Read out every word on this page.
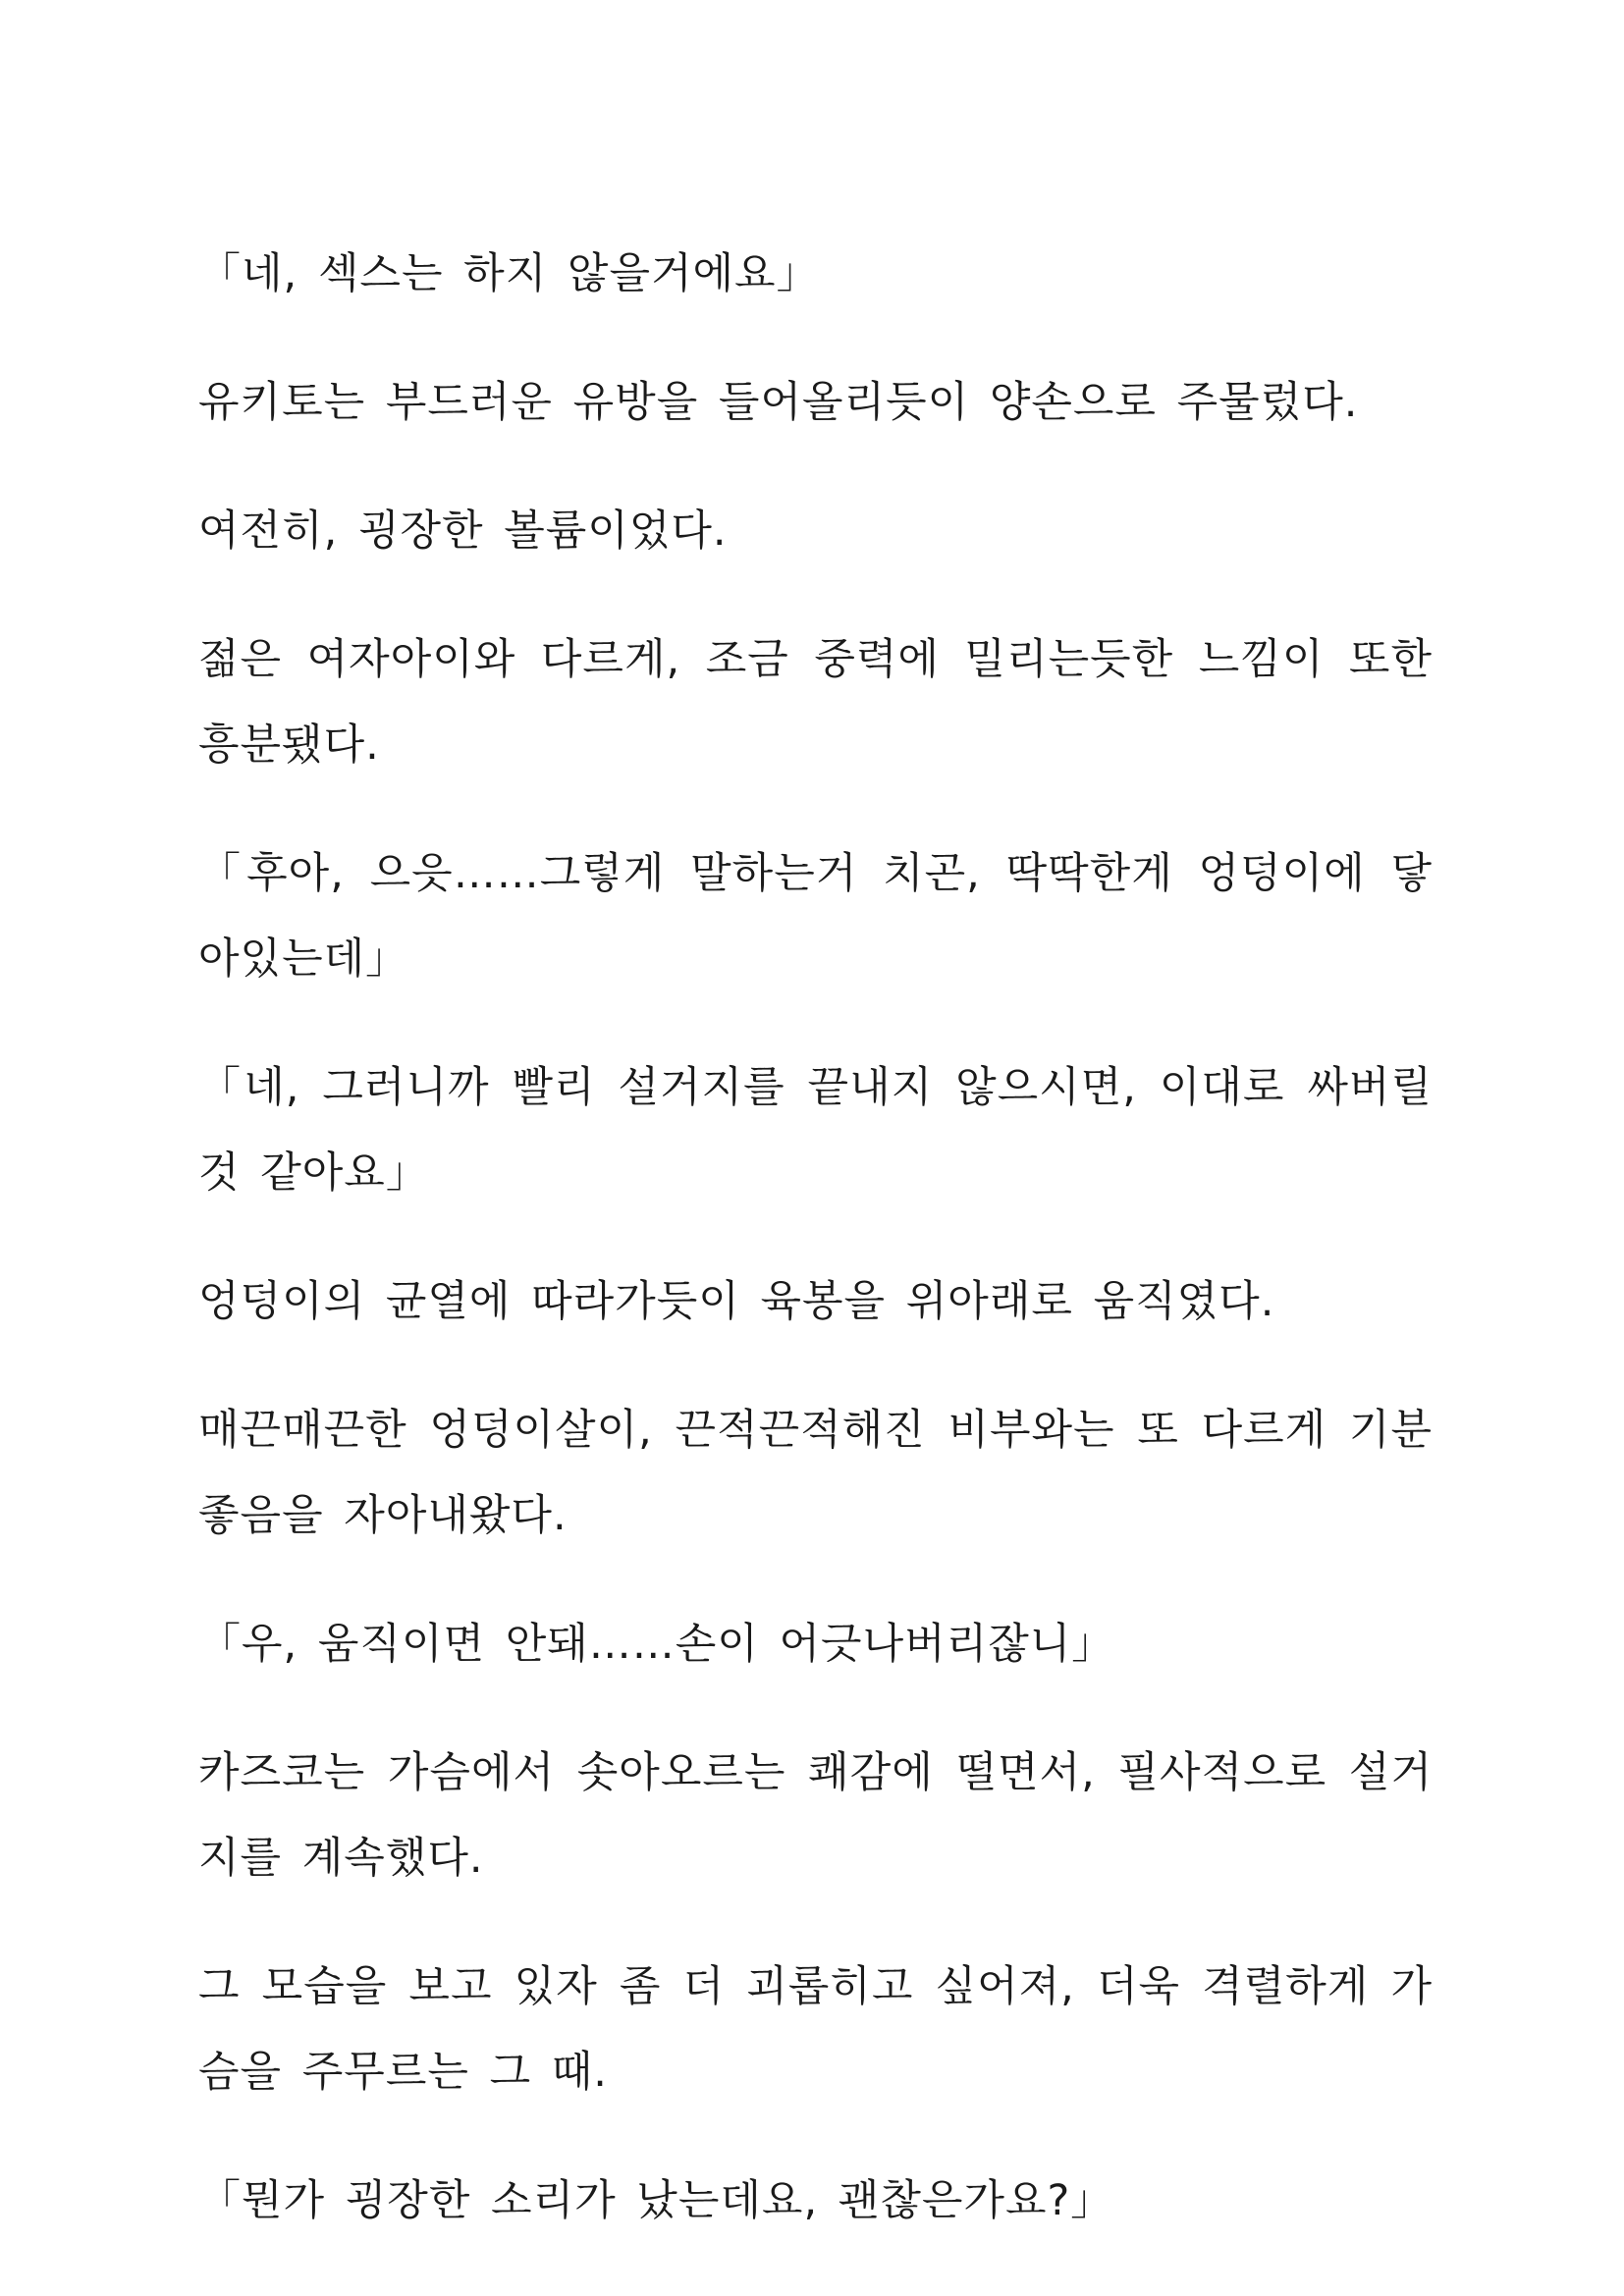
「네, 섹스는 하지 않을거에요」

유키토는 부드러운 유방을 들어올리듯이 양손으로 주물렀다.

여전히, 굉장한 볼륨이었다.

젊은 여자아이와 다르게, 조금 중력에 밀리는듯한 느낌이 또한 흥분됐다.

「후아, 으읏……그렇게 말하는거 치곤, 딱딱한게 엉덩이에 닿아있는데」

「네, 그러니까 빨리 설거지를 끝내지 않으시면, 이대로 싸버릴 것 같아요」

엉덩이의 균열에 따라가듯이 육봉을 위아래로 움직였다.

매끈매끈한 엉덩이살이, 끈적끈적해진 비부와는 또 다르게 기분좋음을 자아내왔다.

「우, 움직이면 안돼……손이 어긋나버리잖니」

카즈코는 가슴에서 솟아오르는 쾌감에 떨면서, 필사적으로 설거지를 계속했다.

그 모습을 보고 있자 좀 더 괴롭히고 싶어져, 더욱 격렬하게 가슴을 주무르는 그 때.

「뭔가 굉장한 소리가 났는데요, 괜찮은가요?」
